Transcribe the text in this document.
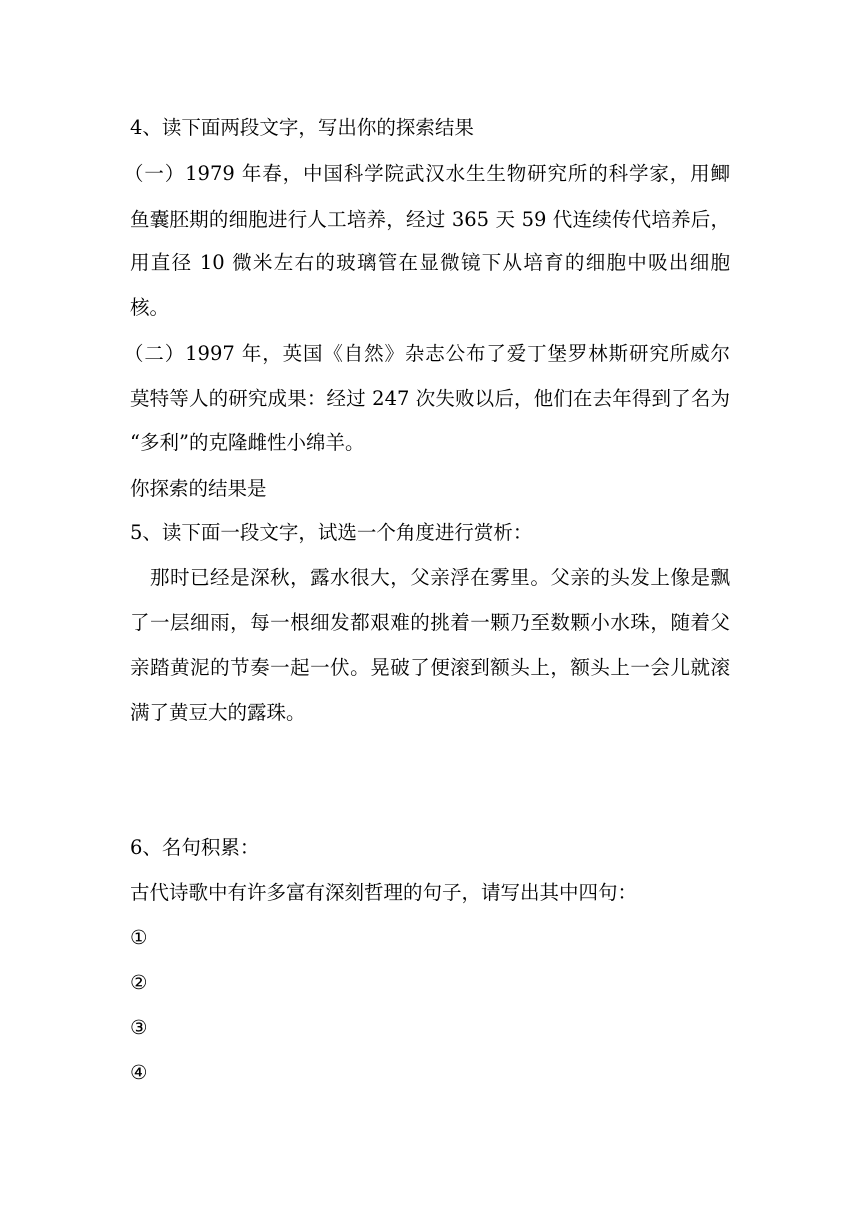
4、读下面两段文字，写出你的探索结果
（一）1979 年春，中国科学院武汉水生生物研究所的科学家，用鲫
鱼囊胚期的细胞进行人工培养，经过 365 天 59 代连续传代培养后，
用直径 10 微米左右的玻璃管在显微镜下从培育的细胞中吸出细胞
核。
（二）1997 年，英国《自然》杂志公布了爱丁堡罗林斯研究所威尔
莫特等人的研究成果：经过 247 次失败以后，他们在去年得到了名为
“多利”的克隆雌性小绵羊。
你探索的结果是
5、读下面一段文字，试选一个角度进行赏析：
那时已经是深秋，露水很大，父亲浮在雾里。父亲的头发上像是飘
了一层细雨，每一根细发都艰难的挑着一颗乃至数颗小水珠，随着父
亲踏黄泥的节奏一起一伏。晃破了便滚到额头上，额头上一会儿就滚
满了黄豆大的露珠。
6、名句积累：
古代诗歌中有许多富有深刻哲理的句子，请写出其中四句：
①
②
③
④
